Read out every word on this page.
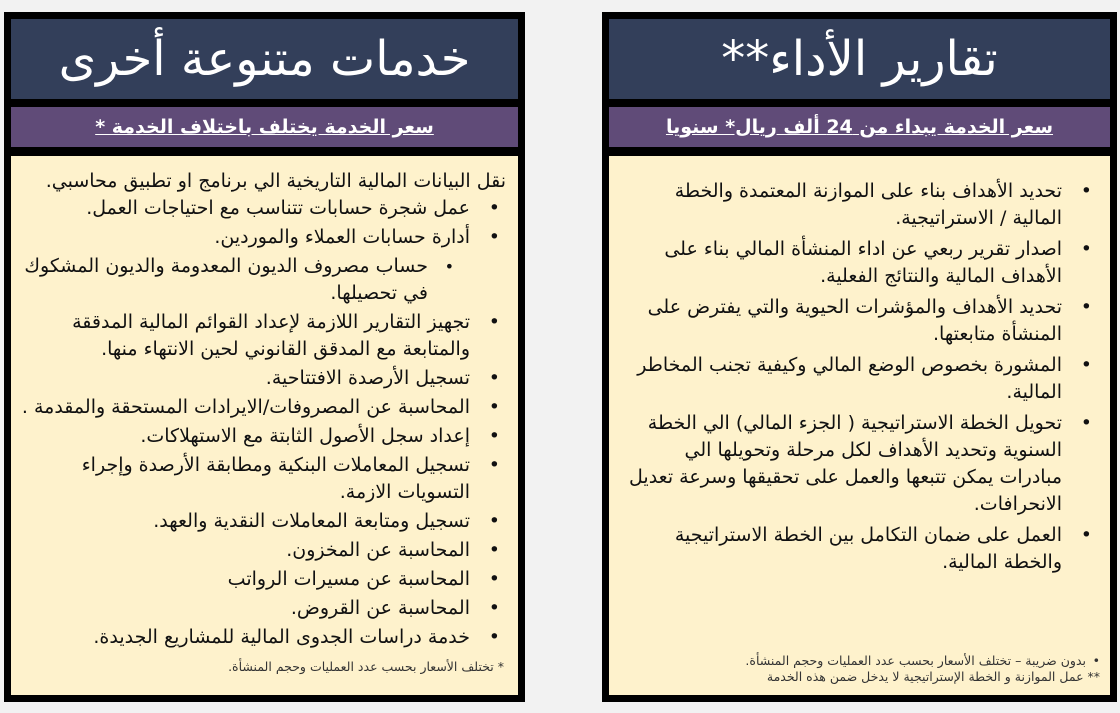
خدمات متنوعة أخرى
سعر الخدمة يختلف باختلاف الخدمة *
نقل البيانات المالية التاريخية الي برنامج او تطبيق محاسبي.
• عمل شجرة حسابات تتناسب مع احتياجات العمل.
• أدارة حسابات العملاء والموردين.
• حساب مصروف الديون المعدومة والديون المشكوك في تحصيلها.
• تجهيز التقارير اللازمة لإعداد القوائم المالية المدققة والمتابعة مع المدقق القانوني لحين الانتهاء منها.
• تسجيل الأرصدة الافتتاحية.
• المحاسبة عن المصروفات/الايرادات المستحقة والمقدمة .
• إعداد سجل الأصول الثابتة مع الاستهلاكات.
• تسجيل المعاملات البنكية ومطابقة الأرصدة وإجراء التسويات الازمة.
• تسجيل ومتابعة المعاملات النقدية والعهد.
• المحاسبة عن المخزون.
• المحاسبة عن مسيرات الرواتب
• المحاسبة عن القروض.
• خدمة دراسات الجدوى المالية للمشاريع الجديدة.
* تختلف الأسعار بحسب عدد العمليات وحجم المنشأة.
تقارير الأداء**
سعر الخدمة يبداء من 24 ألف ريال* سنويا
• تحديد الأهداف بناء على الموازنة المعتمدة والخطة المالية / الاستراتيجية.
• اصدار تقرير ربعي عن اداء المنشأة المالي بناء على الأهداف المالية والنتائج الفعلية.
• تحديد الأهداف والمؤشرات الحيوية والتي يفترض على المنشأة متابعتها.
• المشورة بخصوص الوضع المالي وكيفية تجنب المخاطر المالية.
• تحويل الخطة الاستراتيجية ( الجزء المالي) الي الخطة السنوية وتحديد الأهداف لكل مرحلة وتحويلها الي مبادرات يمكن تتبعها والعمل على تحقيقها وسرعة تعديل الانحرافات.
• العمل على ضمان التكامل بين الخطة الاستراتيجية والخطة المالية.
•
بدون ضريبة – تختلف الأسعار بحسب عدد العمليات وحجم المنشأة.
** عمل الموازنة و الخطة الإستراتيجية لا يدخل ضمن هذه الخدمة
